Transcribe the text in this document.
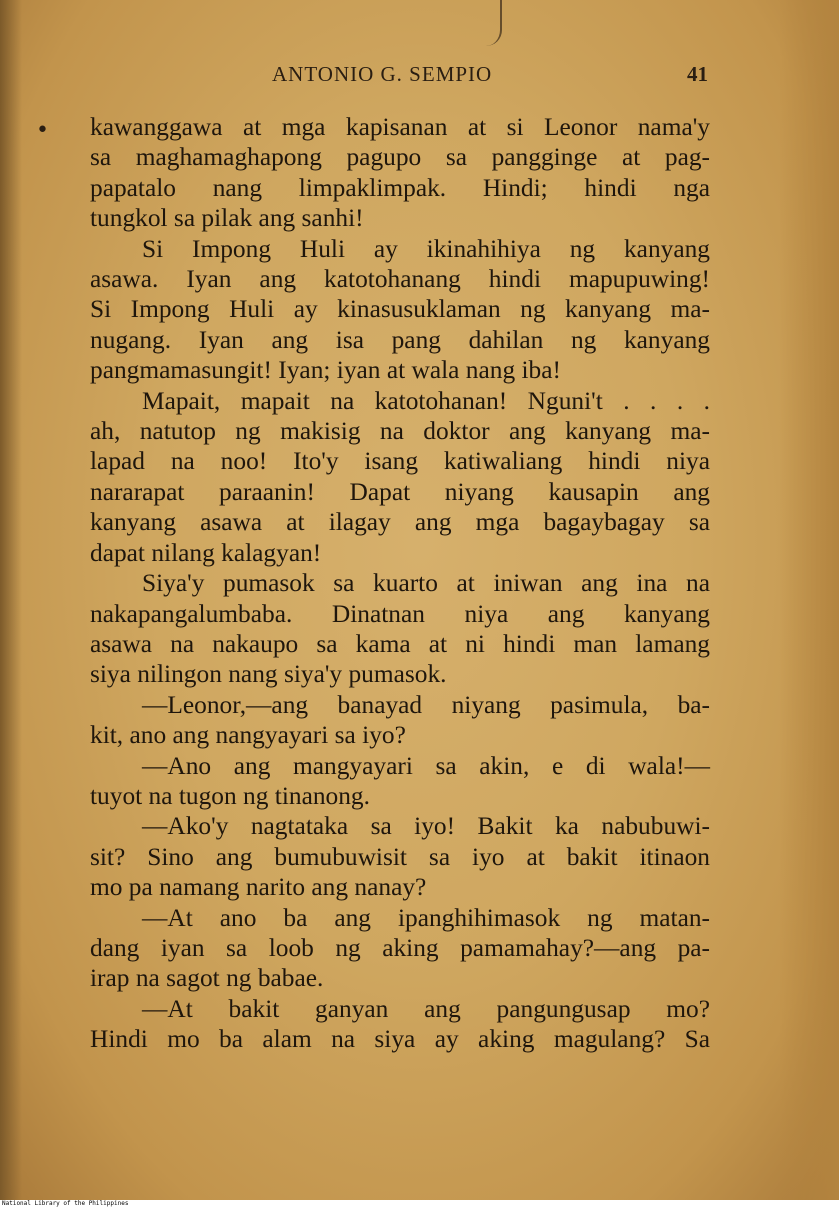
ANTONIO G. SEMPIO	41
• kawanggawa at mga kapisanan at si Leonor nama'y
sa maghamaghapong pagupo sa pangginge at pag-
papatalo nang limpaklimpak. Hindi; hindi nga
tungkol sa pilak ang sanhi!
Si Impong Huli ay ikinahihiya ng kanyang
asawa. Iyan ang katotohanang hindi mapupuwing!
Si Impong Huli ay kinasusuklaman ng kanyang ma-
nugang. Iyan ang isa pang dahilan ng kanyang
pangmamasungit! Iyan; iyan at wala nang iba!
Mapait, mapait na katotohanan! Nguni't . . . .
ah, natutop ng makisig na doktor ang kanyang ma-
lapad na noo! Ito'y isang katiwaliang hindi niya
nararapat paraanin! Dapat niyang kausapin ang
kanyang asawa at ilagay ang mga bagaybagay sa
dapat nilang kalagyan!
Siya'y pumasok sa kuarto at iniwan ang ina na
nakapangalumbaba. Dinatnan niya ang kanyang
asawa na nakaupo sa kama at ni hindi man lamang
siya nilingon nang siya'y pumasok.
—Leonor,—ang banayad niyang pasimula, ba-
kit, ano ang nangyayari sa iyo?
—Ano ang mangyayari sa akin, e di wala!—
tuyot na tugon ng tinanong.
—Ako'y nagtataka sa iyo! Bakit ka nabubuwi-
sit? Sino ang bumubuwisit sa iyo at bakit itinaon
mo pa namang narito ang nanay?
—At ano ba ang ipanghihimasok ng matan-
dang iyan sa loob ng aking pamamahay?—ang pa-
irap na sagot ng babae.
—At bakit ganyan ang pangungusap mo?
Hindi mo ba alam na siya ay aking magulang? Sa
National Library of the Philippines
